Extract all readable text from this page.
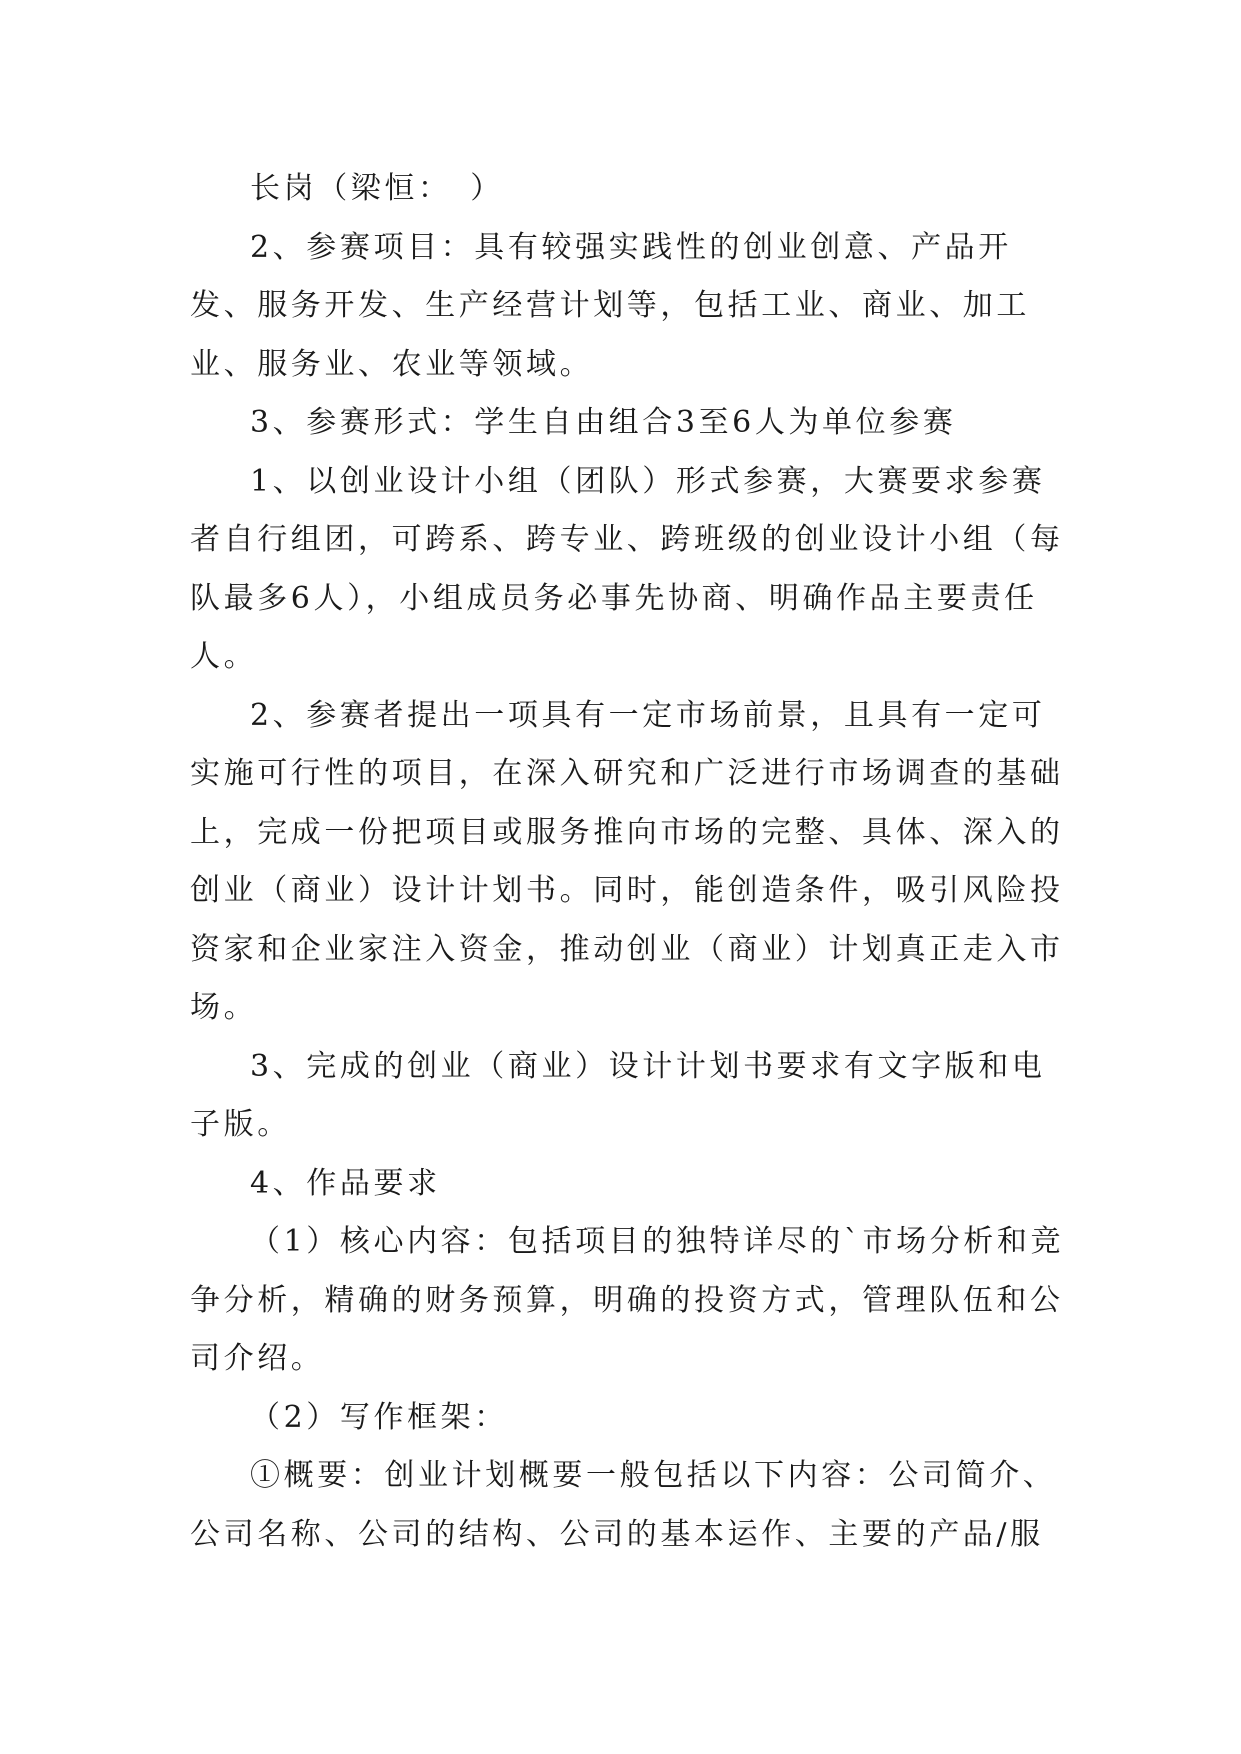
长岗（梁恒：　）

2、参赛项目：具有较强实践性的创业创意、产品开发、服务开发、生产经营计划等，包括工业、商业、加工业、服务业、农业等领域。

3、参赛形式：学生自由组合3至6人为单位参赛

1、以创业设计小组（团队）形式参赛，大赛要求参赛者自行组团，可跨系、跨专业、跨班级的创业设计小组（每队最多6人），小组成员务必事先协商、明确作品主要责任人。

2、参赛者提出一项具有一定市场前景，且具有一定可实施可行性的项目，在深入研究和广泛进行市场调查的基础上，完成一份把项目或服务推向市场的完整、具体、深入的创业（商业）设计计划书。同时，能创造条件，吸引风险投资家和企业家注入资金，推动创业（商业）计划真正走入市场。

3、完成的创业（商业）设计计划书要求有文字版和电子版。

4、作品要求

（1）核心内容：包括项目的独特详尽的`市场分析和竞争分析，精确的财务预算，明确的投资方式，管理队伍和公司介绍。

（2）写作框架：

①概要：创业计划概要一般包括以下内容：公司简介、公司名称、公司的结构、公司的基本运作、主要的产品/服
